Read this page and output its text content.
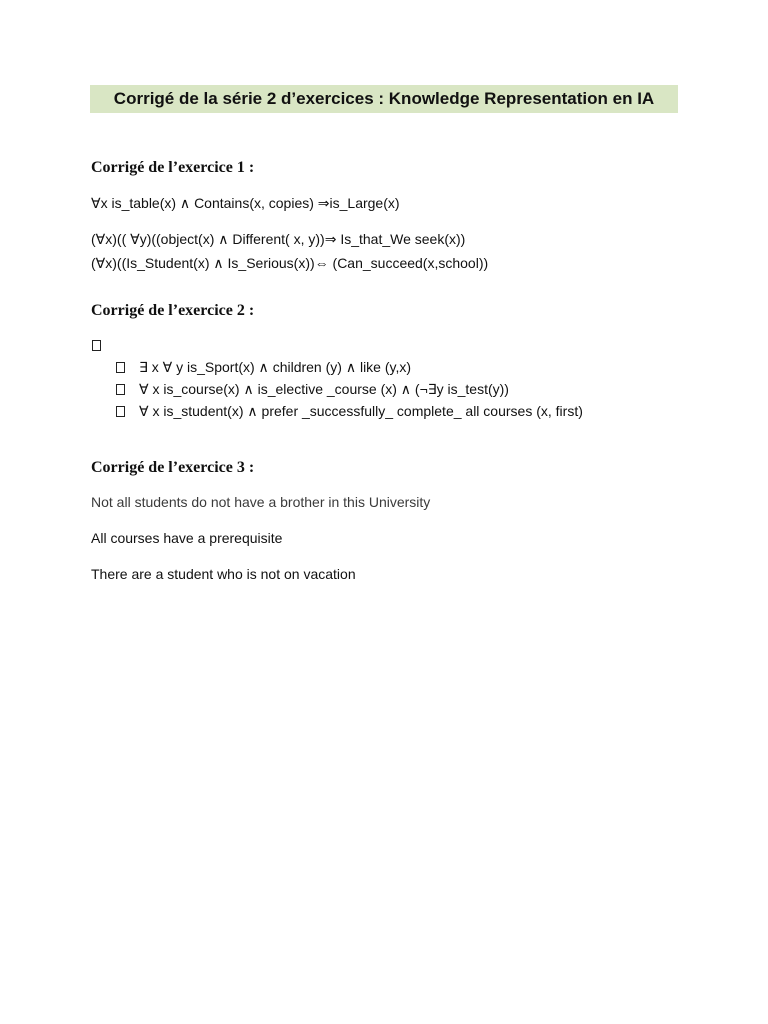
Corrigé de la série 2 d’exercices : Knowledge Representation en IA
Corrigé de l’exercice 1 :
∀x is_table(x) ∧ Contains(x, copies) ⇒is_Large(x)
(∀x)(( ∀y)((object(x) ∧ Different( x, y))⇒ Is_that_We seek(x))
(∀x)((Is_Student(x) ∧ Is_Serious(x))⇔ (Can_succeed(x,school))
Corrigé de l’exercice 2 :
∃ x ∀ y is_Sport(x) ∧ children (y) ∧ like (y,x)
∀ x is_course(x) ∧ is_elective _course (x) ∧ (¬∃y is_test(y))
∀ x is_student(x) ∧ prefer _successfully_ complete_ all courses (x, first)
Corrigé de l’exercice 3 :
Not all students do not have a brother in this University
All courses have a prerequisite
There are a student who is not on vacation
